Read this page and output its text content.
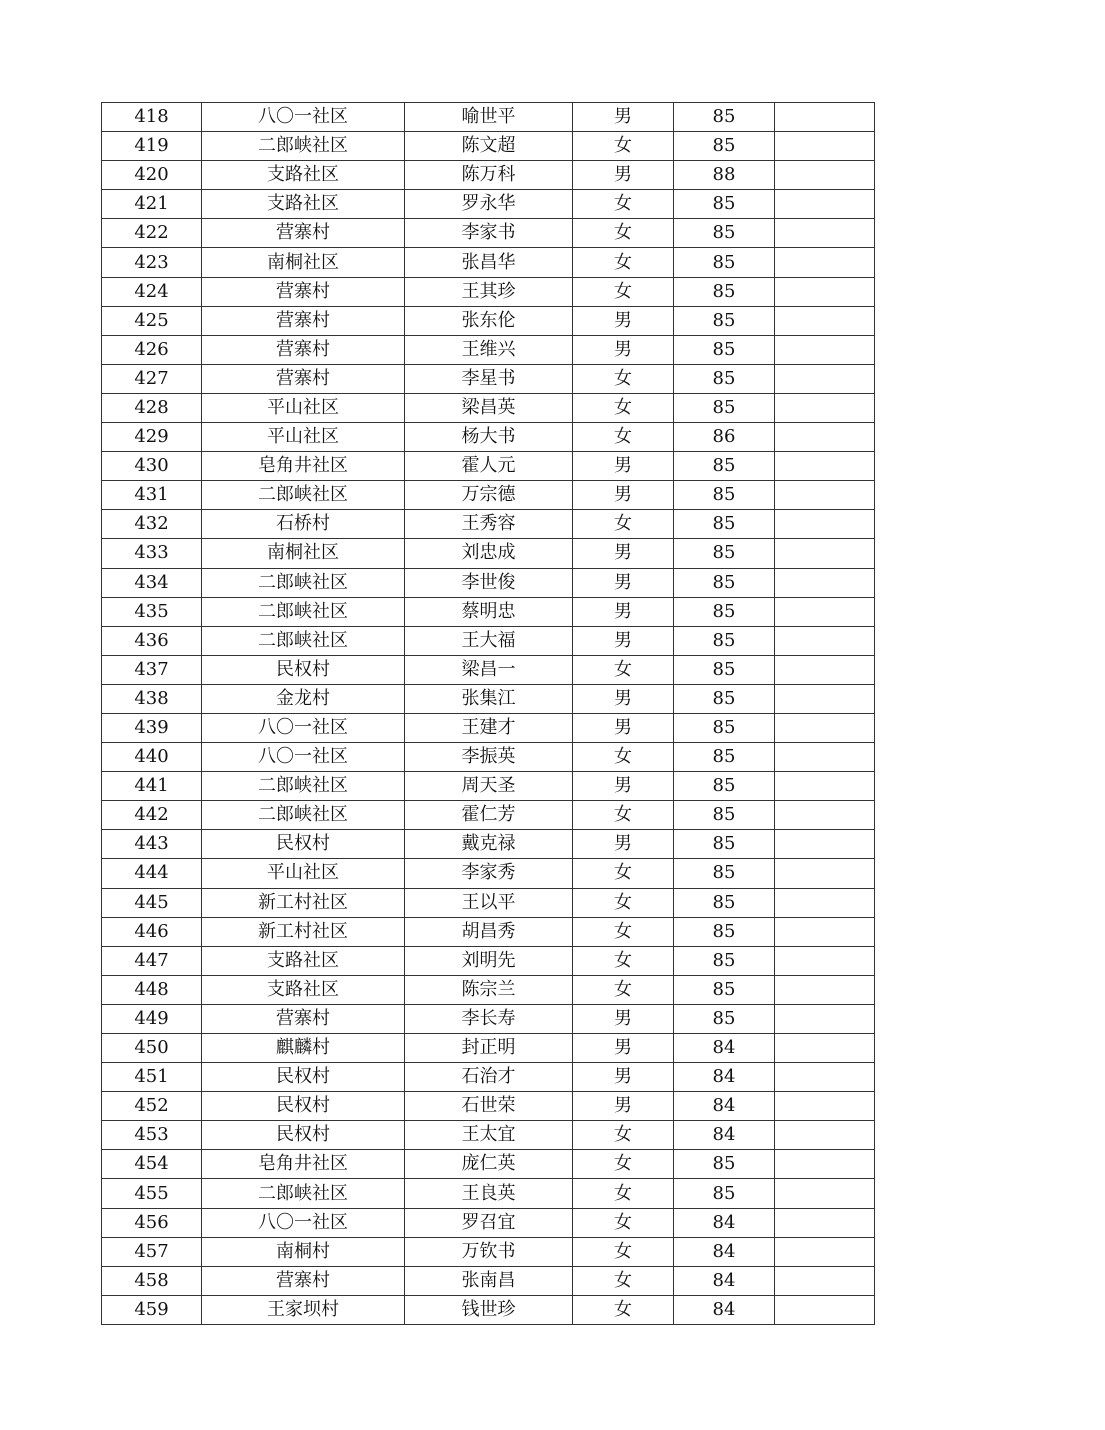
418	八〇一社区	喻世平	男	85	
419	二郎峡社区	陈文超	女	85	
420	支路社区	陈万科	男	88	
421	支路社区	罗永华	女	85	
422	营寨村	李家书	女	85	
423	南桐社区	张昌华	女	85	
424	营寨村	王其珍	女	85	
425	营寨村	张东伦	男	85	
426	营寨村	王维兴	男	85	
427	营寨村	李星书	女	85	
428	平山社区	梁昌英	女	85	
429	平山社区	杨大书	女	86	
430	皂角井社区	霍人元	男	85	
431	二郎峡社区	万宗德	男	85	
432	石桥村	王秀容	女	85	
433	南桐社区	刘忠成	男	85	
434	二郎峡社区	李世俊	男	85	
435	二郎峡社区	蔡明忠	男	85	
436	二郎峡社区	王大福	男	85	
437	民权村	梁昌一	女	85	
438	金龙村	张集江	男	85	
439	八〇一社区	王建才	男	85	
440	八〇一社区	李振英	女	85	
441	二郎峡社区	周天圣	男	85	
442	二郎峡社区	霍仁芳	女	85	
443	民权村	戴克禄	男	85	
444	平山社区	李家秀	女	85	
445	新工村社区	王以平	女	85	
446	新工村社区	胡昌秀	女	85	
447	支路社区	刘明先	女	85	
448	支路社区	陈宗兰	女	85	
449	营寨村	李长寿	男	85	
450	麒麟村	封正明	男	84	
451	民权村	石治才	男	84	
452	民权村	石世荣	男	84	
453	民权村	王太宜	女	84	
454	皂角井社区	庞仁英	女	85	
455	二郎峡社区	王良英	女	85	
456	八〇一社区	罗召宜	女	84	
457	南桐村	万钦书	女	84	
458	营寨村	张南昌	女	84	
459	王家坝村	钱世珍	女	84	
